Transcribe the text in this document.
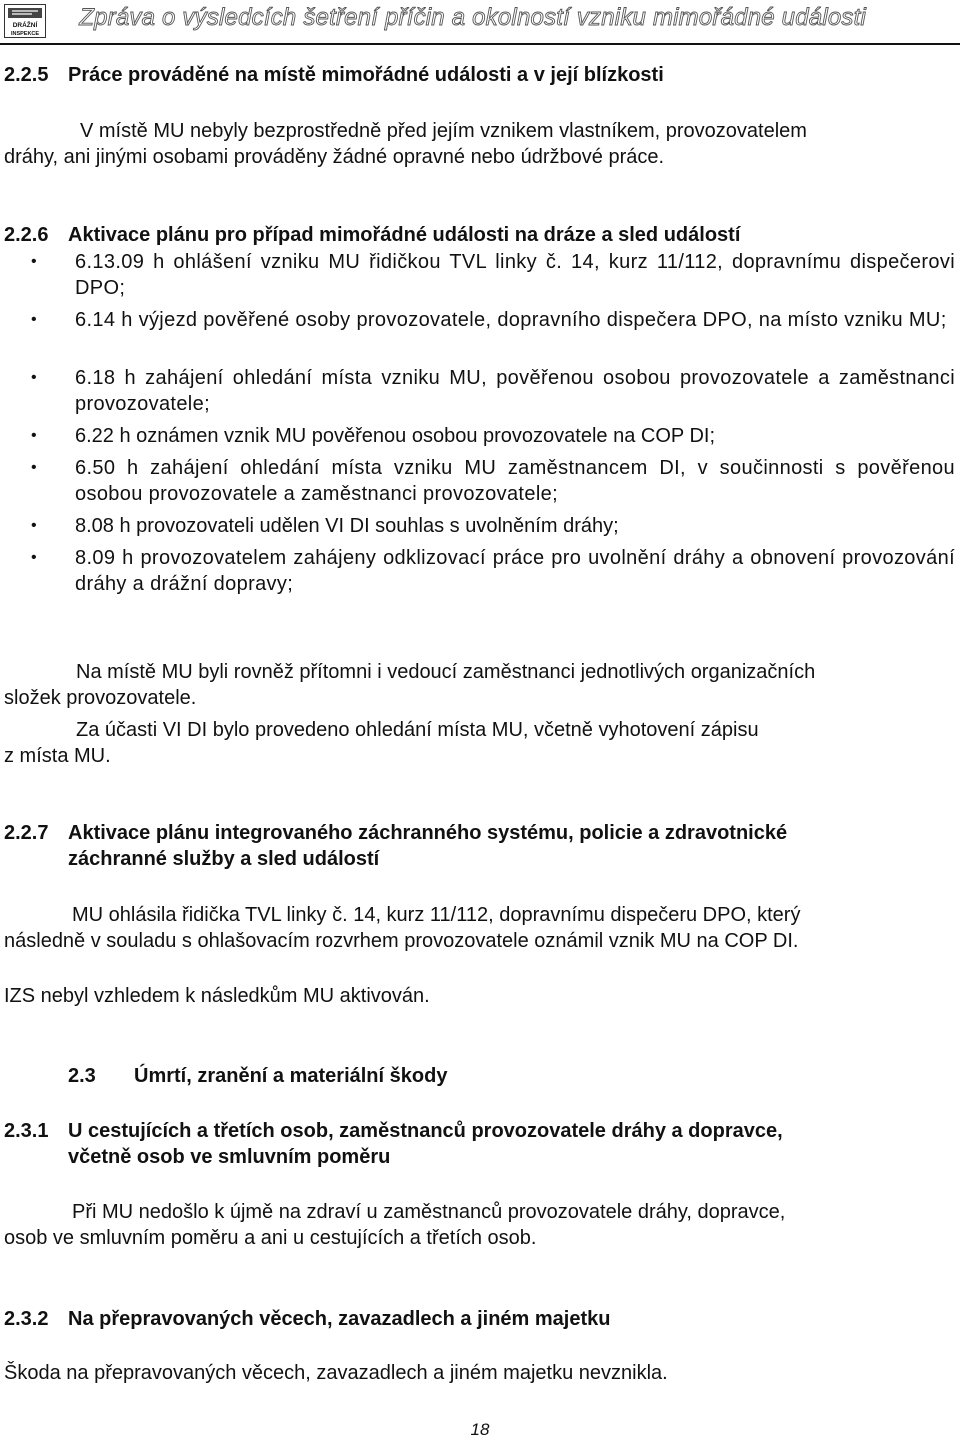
DRÁŽNÍ
INSPEKCE
Zpráva o výsledcích šetření příčin a okolností vzniku mimořádné události
2.2.5 Práce prováděné na místě mimořádné události a v její blízkosti
V místě MU nebyly bezprostředně před jejím vznikem vlastníkem, provozovatelem
dráhy, ani jinými osobami prováděny žádné opravné nebo údržbové práce.
2.2.6 Aktivace plánu pro případ mimořádné události na dráze a sled událostí
• 6.13.09 h ohlášení vzniku MU řidičkou TVL linky č. 14, kurz 11/112, dopravnímu dispečerovi DPO;
• 6.14 h výjezd pověřené osoby provozovatele, dopravního dispečera DPO, na místo vzniku MU;
• 6.18 h zahájení ohledání místa vzniku MU, pověřenou osobou provozovatele a zaměstnanci provozovatele;
• 6.22 h oznámen vznik MU pověřenou osobou provozovatele na COP DI;
• 6.50 h zahájení ohledání místa vzniku MU zaměstnancem DI, v součinnosti s pověřenou osobou provozovatele a zaměstnanci provozovatele;
• 8.08 h provozovateli udělen VI DI souhlas s uvolněním dráhy;
• 8.09 h provozovatelem zahájeny odklizovací práce pro uvolnění dráhy a obnovení provozování dráhy a drážní dopravy;
Na místě MU byli rovněž přítomni i vedoucí zaměstnanci jednotlivých organizačních
složek provozovatele.
Za účasti VI DI bylo provedeno ohledání místa MU, včetně vyhotovení zápisu
z místa MU.
2.2.7 Aktivace plánu integrovaného záchranného systému, policie a zdravotnické
záchranné služby a sled událostí
MU ohlásila řidička TVL linky č. 14, kurz 11/112, dopravnímu dispečeru DPO, který
následně v souladu s ohlašovacím rozvrhem provozovatele oznámil vznik MU na COP DI.
IZS nebyl vzhledem k následkům MU aktivován.
2.3 Úmrtí, zranění a materiální škody
2.3.1 U cestujících a třetích osob, zaměstnanců provozovatele dráhy a dopravce,
včetně osob ve smluvním poměru
Při MU nedošlo k újmě na zdraví u zaměstnanců provozovatele dráhy, dopravce,
osob ve smluvním poměru a ani u cestujících a třetích osob.
2.3.2 Na přepravovaných věcech, zavazadlech a jiném majetku
Škoda na přepravovaných věcech, zavazadlech a jiném majetku nevznikla.
18
